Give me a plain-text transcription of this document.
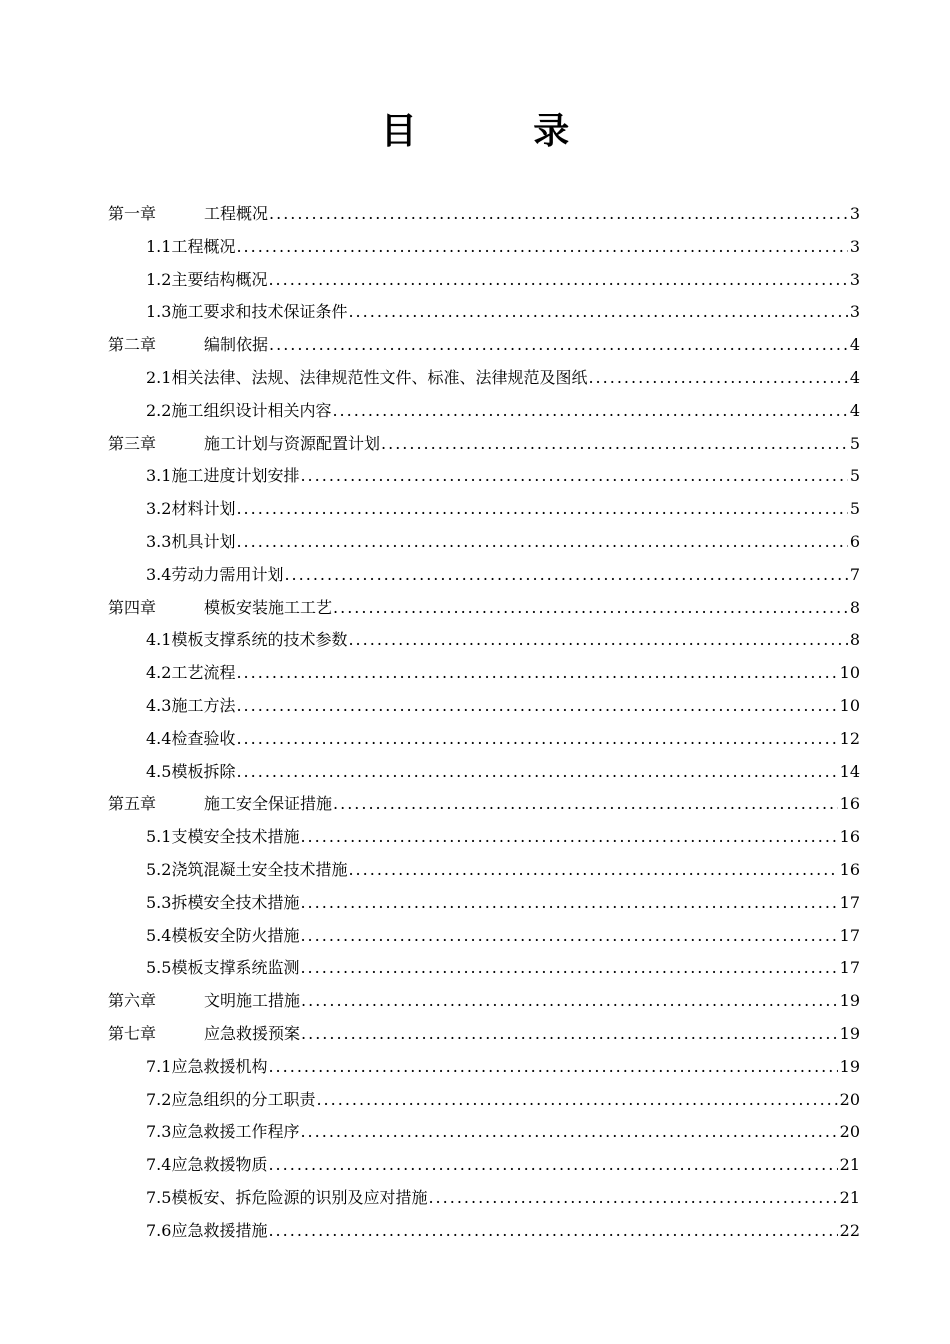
目 录
第一章	工程概况 .....	3
1.1 工程概况 .....	3
1.2 主要结构概况 .....	3
1.3 施工要求和技术保证条件 .....	3
第二章	编制依据 .....	4
2.1 相关法律、法规、法律规范性文件、标准、法律规范及图纸 .....	4
2.2 施工组织设计相关内容 .....	4
第三章	施工计划与资源配置计划 .....	5
3.1 施工进度计划安排 .....	5
3.2 材料计划 .....	5
3.3 机具计划 .....	6
3.4 劳动力需用计划 .....	7
第四章	模板安装施工工艺 .....	8
4.1 模板支撑系统的技术参数 .....	8
4.2 工艺流程 .....	10
4.3 施工方法 .....	10
4.4 检查验收 .....	12
4.5 模板拆除 .....	14
第五章	施工安全保证措施 .....	16
5.1 支模安全技术措施 .....	16
5.2 浇筑混凝土安全技术措施 .....	16
5.3 拆模安全技术措施 .....	17
5.4 模板安全防火措施 .....	17
5.5 模板支撑系统监测 .....	17
第六章	文明施工措施 .....	19
第七章	应急救援预案 .....	19
7.1 应急救援机构 .....	19
7.2 应急组织的分工职责 .....	20
7.3 应急救援工作程序 .....	20
7.4 应急救援物质 .....	21
7.5 模板安、拆危险源的识别及应对措施 .....	21
7.6 应急救援措施 .....	22
